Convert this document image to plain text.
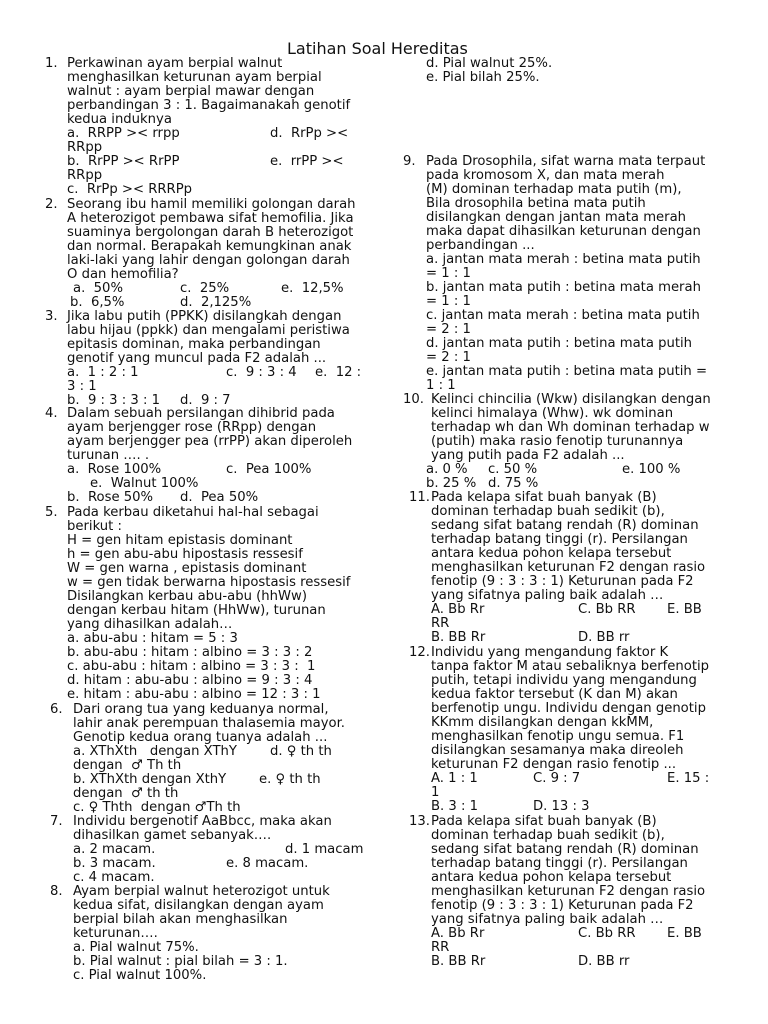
Latihan Soal Hereditas
1. Perkawinan ayam berpial walnut
menghasilkan keturunan ayam berpial
walnut : ayam berpial mawar dengan
perbandingan 3 : 1. Bagaimanakah genotif
kedua induknya
a.  RRPP >< rrpp	d.  RrPp ><
RRpp
b.  RrPP >< RrPP	e.  rrPP ><
RRpp
c.  RrPp >< RRRPp
2. Seorang ibu hamil memiliki golongan darah
A heterozigot pembawa sifat hemofilia. Jika
suaminya bergolongan darah B heterozigot
dan normal. Berapakah kemungkinan anak
laki-laki yang lahir dengan golongan darah
O dan hemofilia?
a.  50%	c.  25%	e.  12,5%
b.  6,5%	d.  2,125%
3. Jika labu putih (PPKK) disilangkah dengan
labu hijau (ppkk) dan mengalami peristiwa
epitasis dominan, maka perbandingan
genotif yang muncul pada F2 adalah ...
a.  1 : 2 : 1	c.  9 : 3 : 4 e.  12 :
3 : 1
b.  9 : 3 : 3 : 1 d.  9 : 7
4. Dalam sebuah persilangan dihibrid pada
ayam berjengger rose (RRpp) dengan
ayam berjengger pea (rrPP) akan diperoleh
turunan …. .
a.  Rose 100%	c.  Pea 100%
e.  Walnut 100%
b.  Rose 50% d.  Pea 50%
5. Pada kerbau diketahui hal-hal sebagai
berikut :
H = gen hitam epistasis dominant
h = gen abu-abu hipostasis ressesif
W = gen warna , epistasis dominant
w = gen tidak berwarna hipostasis ressesif
Disilangkan kerbau abu-abu (hhWw)
dengan kerbau hitam (HhWw), turunan
yang dihasilkan adalah…
a. abu-abu : hitam = 5 : 3
b. abu-abu : hitam : albino = 3 : 3 : 2
c. abu-abu : hitam : albino = 3 : 3 :  1
d. hitam : abu-abu : albino = 9 : 3 : 4
e. hitam : abu-abu : albino = 12 : 3 : 1
6. Dari orang tua yang keduanya normal,
lahir anak perempuan thalasemia mayor.
Genotip kedua orang tuanya adalah ...
a. XThXth   dengan XThY	d. ♀ th th
dengan  ♂ Th th
b. XThXth dengan XthY e. ♀ th th
dengan  ♂ th th
c. ♀ Thth  dengan ♂Th th
7. Individu bergenotif AaBbcc, maka akan
dihasilkan gamet sebanyak….
a. 2 macam.	d. 1 macam
b. 3 macam.	e. 8 macam.
c. 4 macam.
8. Ayam berpial walnut heterozigot untuk
kedua sifat, disilangkan dengan ayam
berpial bilah akan menghasilkan
keturunan….
a. Pial walnut 75%.
b. Pial walnut : pial bilah = 3 : 1.
c. Pial walnut 100%.
d. Pial walnut 25%.
e. Pial bilah 25%.
9. Pada Drosophila, sifat warna mata terpaut
pada kromosom X, dan mata merah
(M) dominan terhadap mata putih (m),
Bila drosophila betina mata putih
disilangkan dengan jantan mata merah
maka dapat dihasilkan keturunan dengan
perbandingan ...
a. jantan mata merah : betina mata putih
= 1 : 1
b. jantan mata putih : betina mata merah
= 1 : 1
c. jantan mata merah : betina mata putih
= 2 : 1
d. jantan mata putih : betina mata putih
= 2 : 1
e. jantan mata putih : betina mata putih =
1 : 1
10. Kelinci chincilia (Wkw) disilangkan dengan
kelinci himalaya (Whw). wk dominan
terhadap wh dan Wh dominan terhadap w
(putih) maka rasio fenotip turunannya
yang putih pada F2 adalah ...
a. 0 % c. 50 %	e. 100 %
b. 25 % d. 75 %
11. Pada kelapa sifat buah banyak (B)
dominan terhadap buah sedikit (b),
sedang sifat batang rendah (R) dominan
terhadap batang tinggi (r). Persilangan
antara kedua pohon kelapa tersebut
menghasilkan keturunan F2 dengan rasio
fenotip (9 : 3 : 3 : 1) Keturunan pada F2
yang sifatnya paling baik adalah …
A. Bb Rr	C. Bb RR E. BB
RR
B. BB Rr	D. BB rr
12. Individu yang mengandung faktor K
tanpa faktor M atau sebaliknya berfenotip
putih, tetapi individu yang mengandung
kedua faktor tersebut (K dan M) akan
berfenotip ungu. Individu dengan genotip
KKmm disilangkan dengan kkMM,
menghasilkan fenotip ungu semua. F1
disilangkan sesamanya maka direoleh
keturunan F2 dengan rasio fenotip ...
A. 1 : 1	C. 9 : 7	E. 15 :
1
B. 3 : 1	D. 13 : 3
13. Pada kelapa sifat buah banyak (B)
dominan terhadap buah sedikit (b),
sedang sifat batang rendah (R) dominan
terhadap batang tinggi (r). Persilangan
antara kedua pohon kelapa tersebut
menghasilkan keturunan F2 dengan rasio
fenotip (9 : 3 : 3 : 1) Keturunan pada F2
yang sifatnya paling baik adalah …
A. Bb Rr	C. Bb RR E. BB
RR
B. BB Rr	D. BB rr
